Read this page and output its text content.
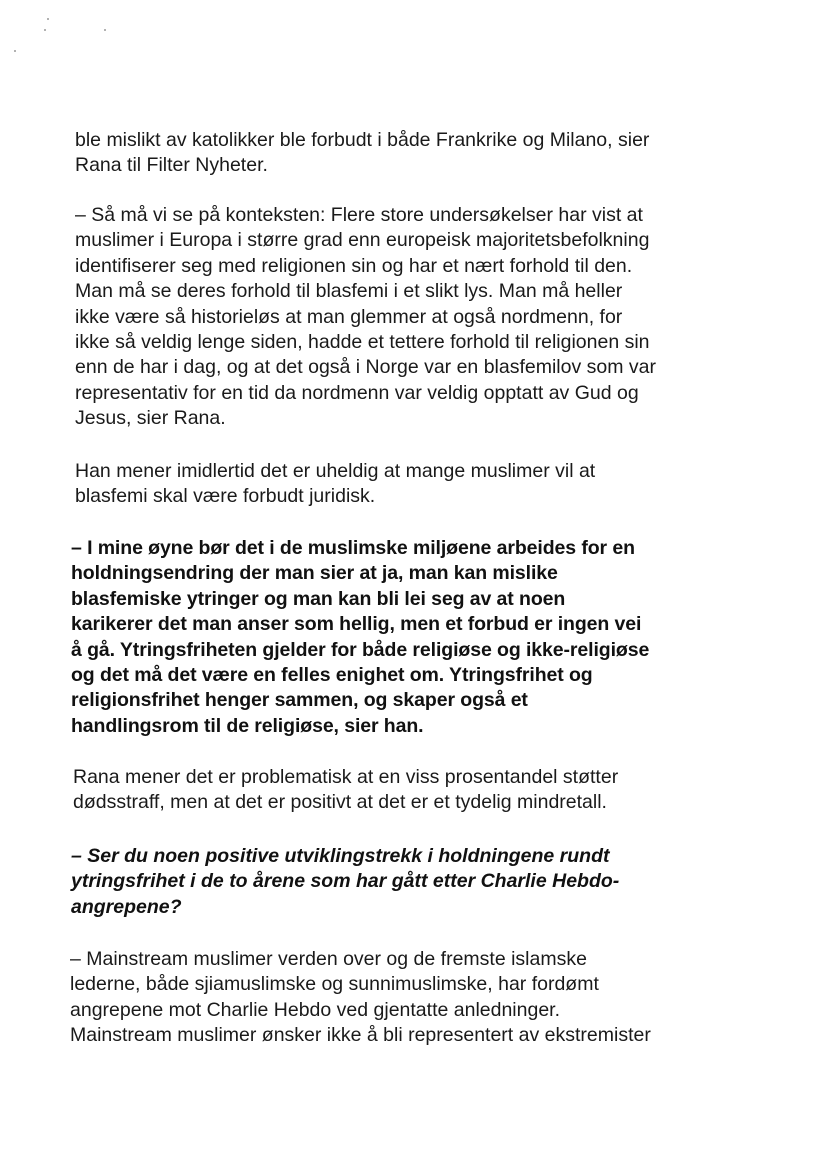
ble mislikt av katolikker ble forbudt i både Frankrike og Milano, sier
Rana til Filter Nyheter.

– Så må vi se på konteksten: Flere store undersøkelser har vist at
muslimer i Europa i større grad enn europeisk majoritetsbefolkning
identifiserer seg med religionen sin og har et nært forhold til den.
Man må se deres forhold til blasfemi i et slikt lys. Man må heller
ikke være så historieløs at man glemmer at også nordmenn, for
ikke så veldig lenge siden, hadde et tettere forhold til religionen sin
enn de har i dag, og at det også i Norge var en blasfemilov som var
representativ for en tid da nordmenn var veldig opptatt av Gud og
Jesus, sier Rana.

Han mener imidlertid det er uheldig at mange muslimer vil at
blasfemi skal være forbudt juridisk.

– I mine øyne bør det i de muslimske miljøene arbeides for en
holdningsendring der man sier at ja, man kan mislike
blasfemiske ytringer og man kan bli lei seg av at noen
karikerer det man anser som hellig, men et forbud er ingen vei
å gå. Ytringsfriheten gjelder for både religiøse og ikke-religiøse
og det må det være en felles enighet om. Ytringsfrihet og
religionsfrihet henger sammen, og skaper også et
handlingsrom til de religiøse, sier han.

Rana mener det er problematisk at en viss prosentandel støtter
dødsstraff, men at det er positivt at det er et tydelig mindretall.

– Ser du noen positive utviklingstrekk i holdningene rundt
ytringsfrihet i de to årene som har gått etter Charlie Hebdo-
angrepene?

– Mainstream muslimer verden over og de fremste islamske
lederne, både sjiamuslimske og sunnimuslimske, har fordømt
angrepene mot Charlie Hebdo ved gjentatte anledninger.
Mainstream muslimer ønsker ikke å bli representert av ekstremister
